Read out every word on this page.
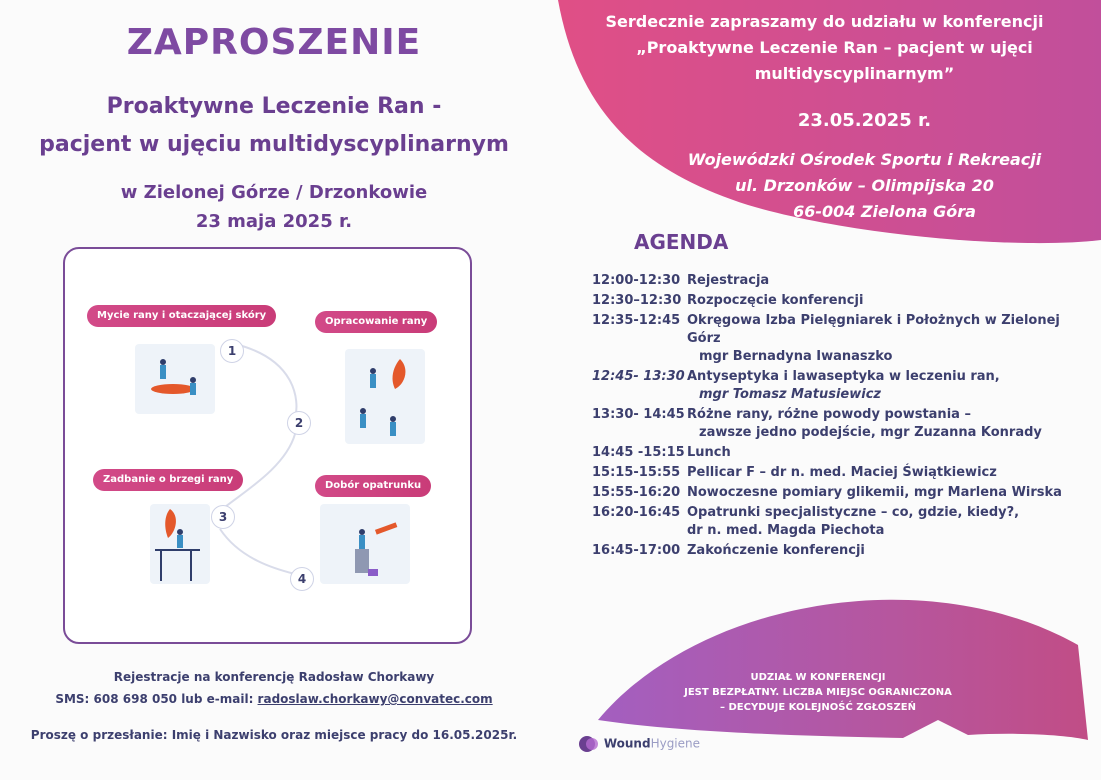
ZAPROSZENIE
Proaktywne Leczenie Ran -
pacjent w ujęciu multidyscyplinarnym
w Zielonej Górze / Drzonkowie
23 maja 2025 r.
Mycie rany i otaczającej skóry
Opracowanie rany
Zadbanie o brzegi rany
Dobór opatrunku
1
2
3
4
Rejestracje na konferencję Radosław Chorkawy
SMS: 608 698 050 lub e-mail: radoslaw.chorkawy@convatec.com
Proszę o przesłanie: Imię i Nazwisko oraz miejsce pracy do 16.05.2025r.
Serdecznie zapraszamy do udziału w konferencji
„Proaktywne Leczenie Ran – pacjent w ujęci
multidyscyplinarnym”
23.05.2025 r.
Wojewódzki Ośrodek Sportu i Rekreacji
ul. Drzonków – Olimpijska 20
66-004 Zielona Góra
AGENDA
12:00-12:30 Rejestracja
12:30–12:30 Rozpoczęcie konferencji
12:35-12:45 Okręgowa Izba Pielęgniarek i Położnych w Zielonej Górz
mgr Bernadyna Iwanaszko
12:45- 13:30 Antyseptyka i lawaseptyka w leczeniu ran,
mgr Tomasz Matusiewicz
13:30- 14:45 Różne rany, różne powody powstania –
zawsze jedno podejście, mgr Zuzanna Konrady
14:45 -15:15 Lunch
15:15-15:55 Pellicar F – dr n. med. Maciej Świątkiewicz
15:55-16:20 Nowoczesne pomiary glikemii, mgr Marlena Wirska
16:20-16:45 Opatrunki specjalistyczne – co, gdzie, kiedy?,
dr n. med. Magda Piechota
16:45-17:00 Zakończenie konferencji
UDZIAŁ W KONFERENCJI
JEST BEZPŁATNY. LICZBA MIEJSC OGRANICZONA
– DECYDUJE KOLEJNOŚĆ ZGŁOSZEŃ
WoundHygiene
